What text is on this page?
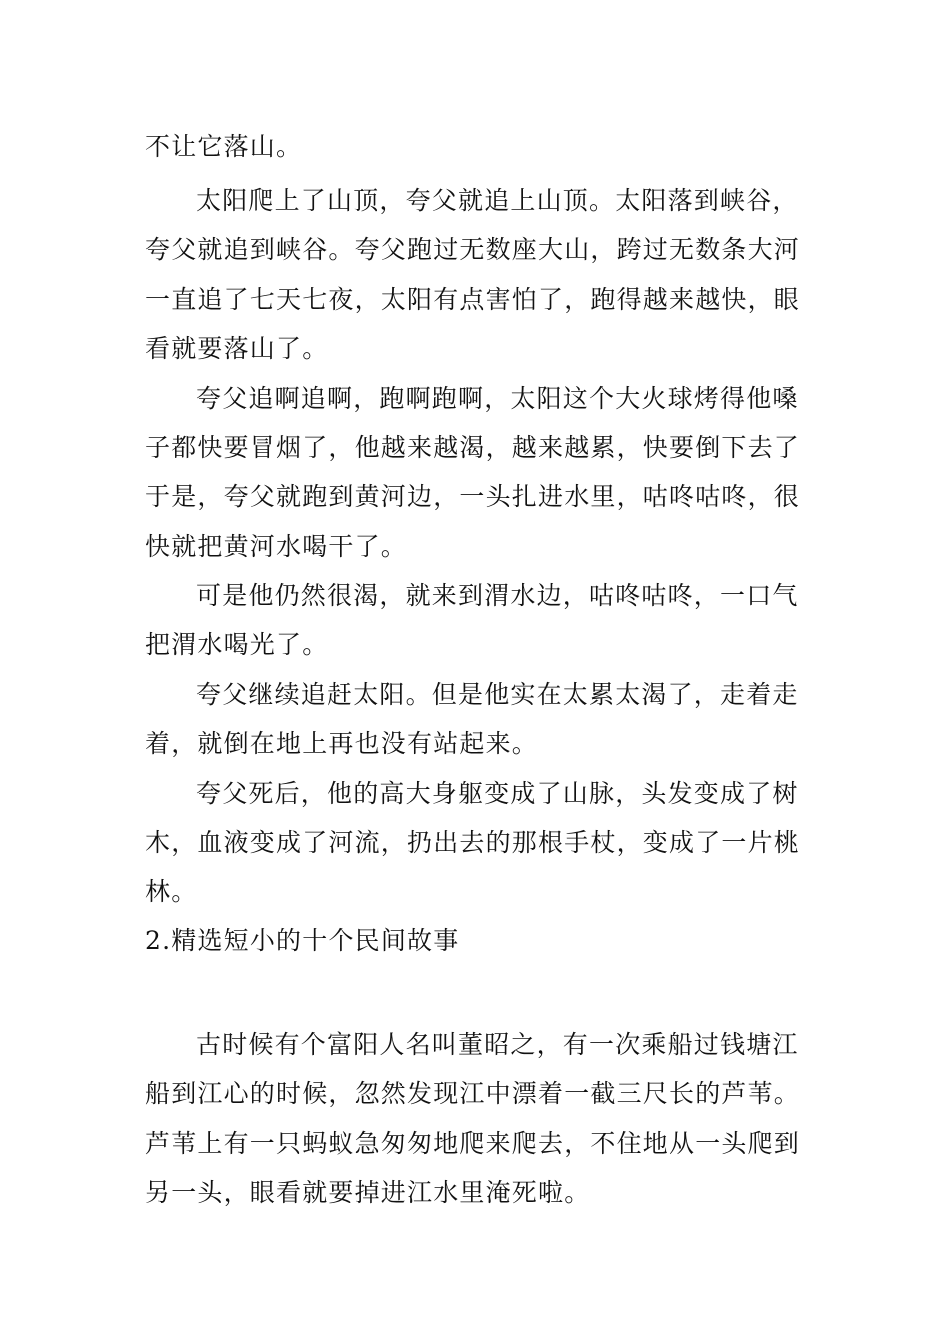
不让它落山。
太阳爬上了山顶，夸父就追上山顶。太阳落到峡谷，
夸父就追到峡谷。夸父跑过无数座大山，跨过无数条大河
一直追了七天七夜，太阳有点害怕了，跑得越来越快，眼
看就要落山了。
夸父追啊追啊，跑啊跑啊，太阳这个大火球烤得他嗓
子都快要冒烟了，他越来越渴，越来越累，快要倒下去了
于是，夸父就跑到黄河边，一头扎进水里，咕咚咕咚，很
快就把黄河水喝干了。
可是他仍然很渴，就来到渭水边，咕咚咕咚，一口气
把渭水喝光了。
夸父继续追赶太阳。但是他实在太累太渴了，走着走
着，就倒在地上再也没有站起来。
夸父死后，他的高大身躯变成了山脉，头发变成了树
木，血液变成了河流，扔出去的那根手杖，变成了一片桃
林。
2.精选短小的十个民间故事
古时候有个富阳人名叫董昭之，有一次乘船过钱塘江
船到江心的时候，忽然发现江中漂着一截三尺长的芦苇。
芦苇上有一只蚂蚁急匆匆地爬来爬去，不住地从一头爬到
另一头，眼看就要掉进江水里淹死啦。
